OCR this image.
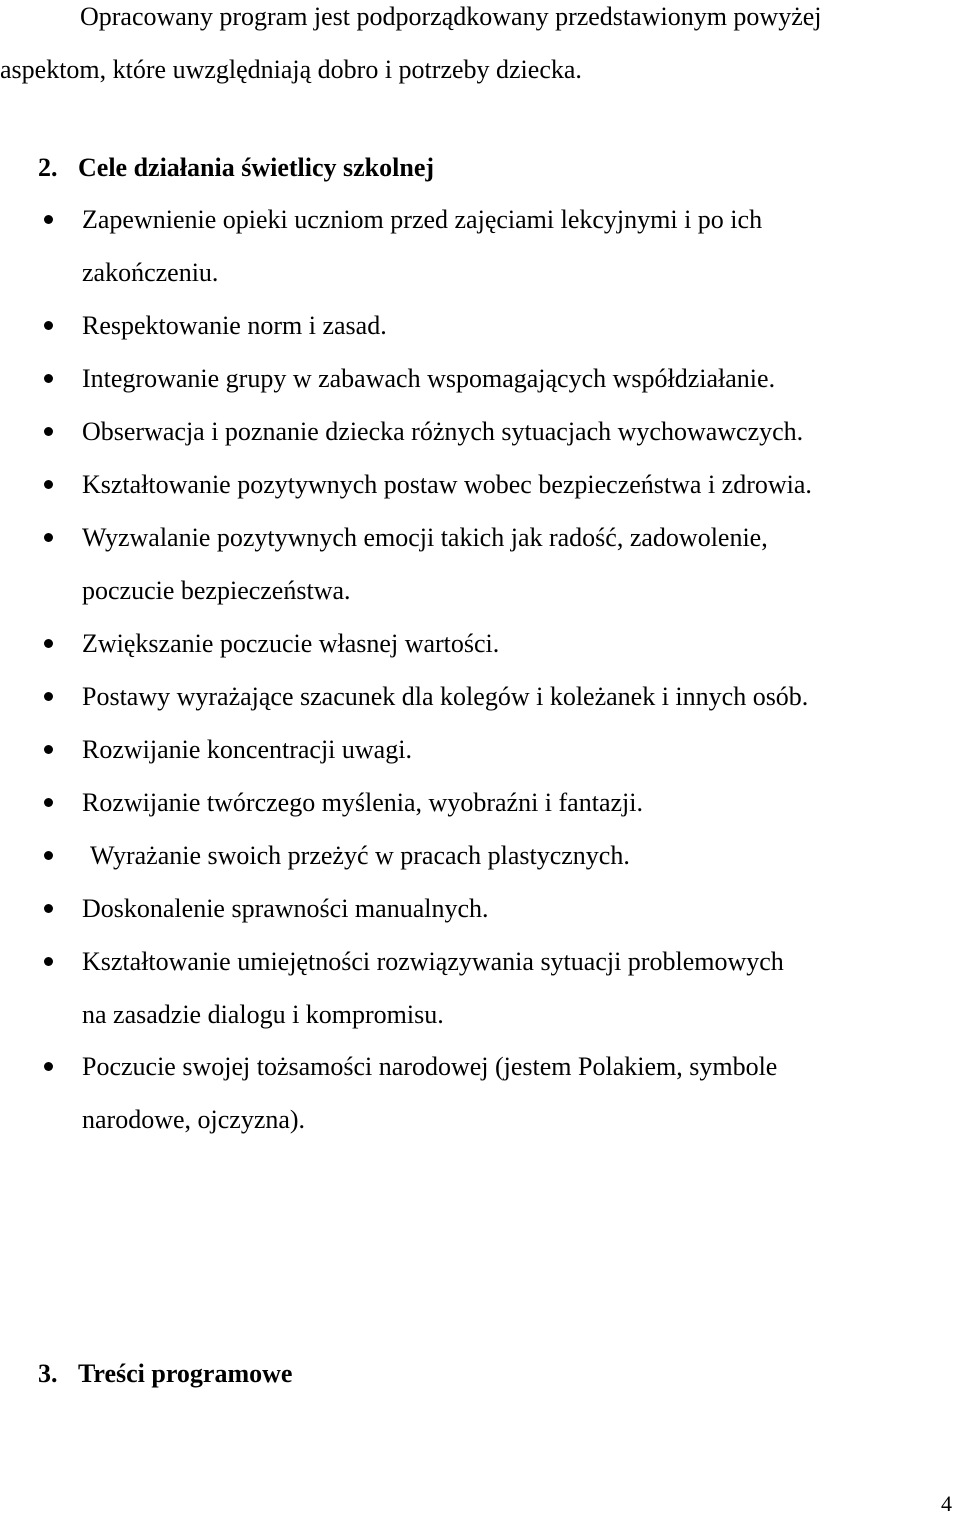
Opracowany program jest podporządkowany przedstawionym powyżej
aspektom, które uwzględniają dobro i potrzeby dziecka.
2. Cele działania świetlicy szkolnej
Zapewnienie opieki uczniom przed zajęciami lekcyjnymi i po ich
zakończeniu.
Respektowanie norm i zasad.
Integrowanie grupy w zabawach wspomagających współdziałanie.
Obserwacja i poznanie dziecka różnych sytuacjach wychowawczych.
Kształtowanie pozytywnych postaw wobec bezpieczeństwa i zdrowia.
Wyzwalanie pozytywnych emocji takich jak radość, zadowolenie,
poczucie bezpieczeństwa.
Zwiększanie poczucie własnej wartości.
Postawy wyrażające szacunek dla kolegów i koleżanek i innych osób.
Rozwijanie koncentracji uwagi.
Rozwijanie twórczego myślenia, wyobraźni i fantazji.
Wyrażanie swoich przeżyć w pracach plastycznych.
Doskonalenie sprawności manualnych.
Kształtowanie umiejętności rozwiązywania sytuacji problemowych
na zasadzie dialogu i kompromisu.
Poczucie swojej tożsamości narodowej (jestem Polakiem, symbole
narodowe, ojczyzna).
3. Treści programowe
4
